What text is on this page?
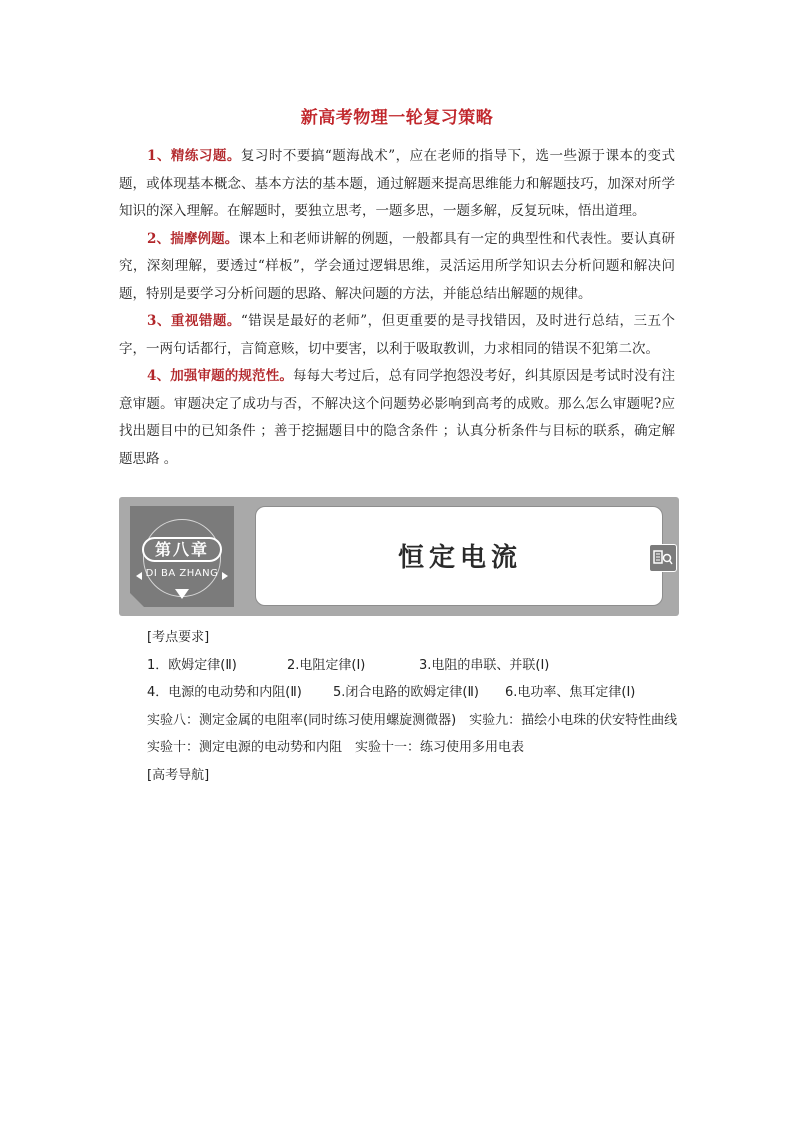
新高考物理一轮复习策略

1、精练习题。复习时不要搞“题海战术”，应在老师的指导下，选一些源于课本的变式题，或体现基本概念、基本方法的基本题，通过解题来提高思维能力和解题技巧，加深对所学知识的深入理解。在解题时，要独立思考，一题多思，一题多解，反复玩味，悟出道理。

2、揣摩例题。课本上和老师讲解的例题，一般都具有一定的典型性和代表性。要认真研究，深刻理解，要透过“样板”，学会通过逻辑思维，灵活运用所学知识去分析问题和解决问题，特别是要学习分析问题的思路、解决问题的方法，并能总结出解题的规律。

3、重视错题。“错误是最好的老师”，但更重要的是寻找错因，及时进行总结，三五个字，一两句话都行，言简意赅，切中要害，以利于吸取教训，力求相同的错误不犯第二次。

4、加强审题的规范性。每每大考过后，总有同学抱怨没考好，纠其原因是考试时没有注意审题。审题决定了成功与否，不解决这个问题势必影响到高考的成败。那么怎么审题呢?应找出题目中的已知条件 ；善于挖掘题目中的隐含条件 ；认真分析条件与目标的联系，确定解题思路 。

第八章
DI BA ZHANG
恒定电流
[考点要求]
1．欧姆定律(Ⅱ)	2.电阻定律(Ⅰ)	3.电阻的串联、并联(Ⅰ)
4．电源的电动势和内阻(Ⅱ) 5.闭合电路的欧姆定律(Ⅱ) 6.电功率、焦耳定律(Ⅰ)
实验八：测定金属的电阻率(同时练习使用螺旋测微器)　实验九：描绘小电珠的伏安特性曲线
实验十：测定电源的电动势和内阻　实验十一：练习使用多用电表
[高考导航]
